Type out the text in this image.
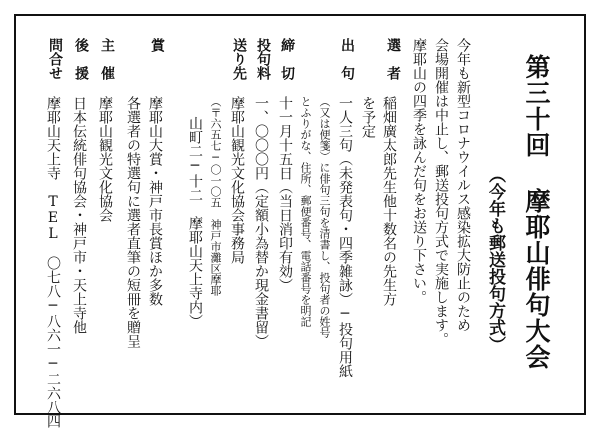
第三十回 摩耶山俳句大会
（今年も郵送投句方式）
今年も新型コロナウイルス感染拡大防止のため
会場開催は中止し、郵送投句方式で実施します。
摩耶山の四季を詠んだ句をお送り下さい。
選者
稲畑廣太郎先生他十数名の先生方
を予定
出句
一人三句（未発表句・四季雑詠）─投句用紙
（又は便箋）に俳句三句を清書し、投句者の姓号
とふりがな、住所、郵便番号、電話番号を明記
締切
十一月十五日（当日消印有効）
投句料
一、〇〇〇円（定額小為替か現金書留）
送り先
摩耶山観光文化協会事務局
（〒六五七─〇一〇五　神戸市灘区摩耶
山町二─十二　摩耶山天上寺内）
賞
摩耶山大賞・神戸市長賞ほか多数
各選者の特選句に選者直筆の短冊を贈呈
主催
摩耶山観光文化協会
後援
日本伝統俳句協会・神戸市・天上寺他
問合せ
摩耶山天上寺　TEL　〇七八─八六一─二六八四
